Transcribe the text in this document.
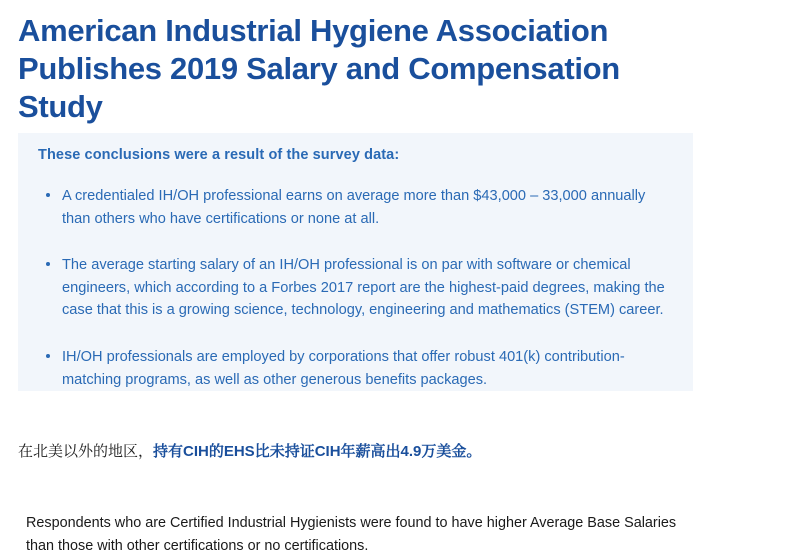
American Industrial Hygiene Association Publishes 2019 Salary and Compensation Study
These conclusions were a result of the survey data:
A credentialed IH/OH professional earns on average more than $43,000 – 33,000 annually than others who have certifications or none at all.
The average starting salary of an IH/OH professional is on par with software or chemical engineers, which according to a Forbes 2017 report are the highest-paid degrees, making the case that this is a growing science, technology, engineering and mathematics (STEM) career.
IH/OH professionals are employed by corporations that offer robust 401(k) contribution-matching programs, as well as other generous benefits packages.
在北美以外的地区，持有CIH的EHS比未持证CIH年薪高出4.9万美金。
Respondents who are Certified Industrial Hygienists were found to have higher Average Base Salaries than those with other certifications or no certifications.
